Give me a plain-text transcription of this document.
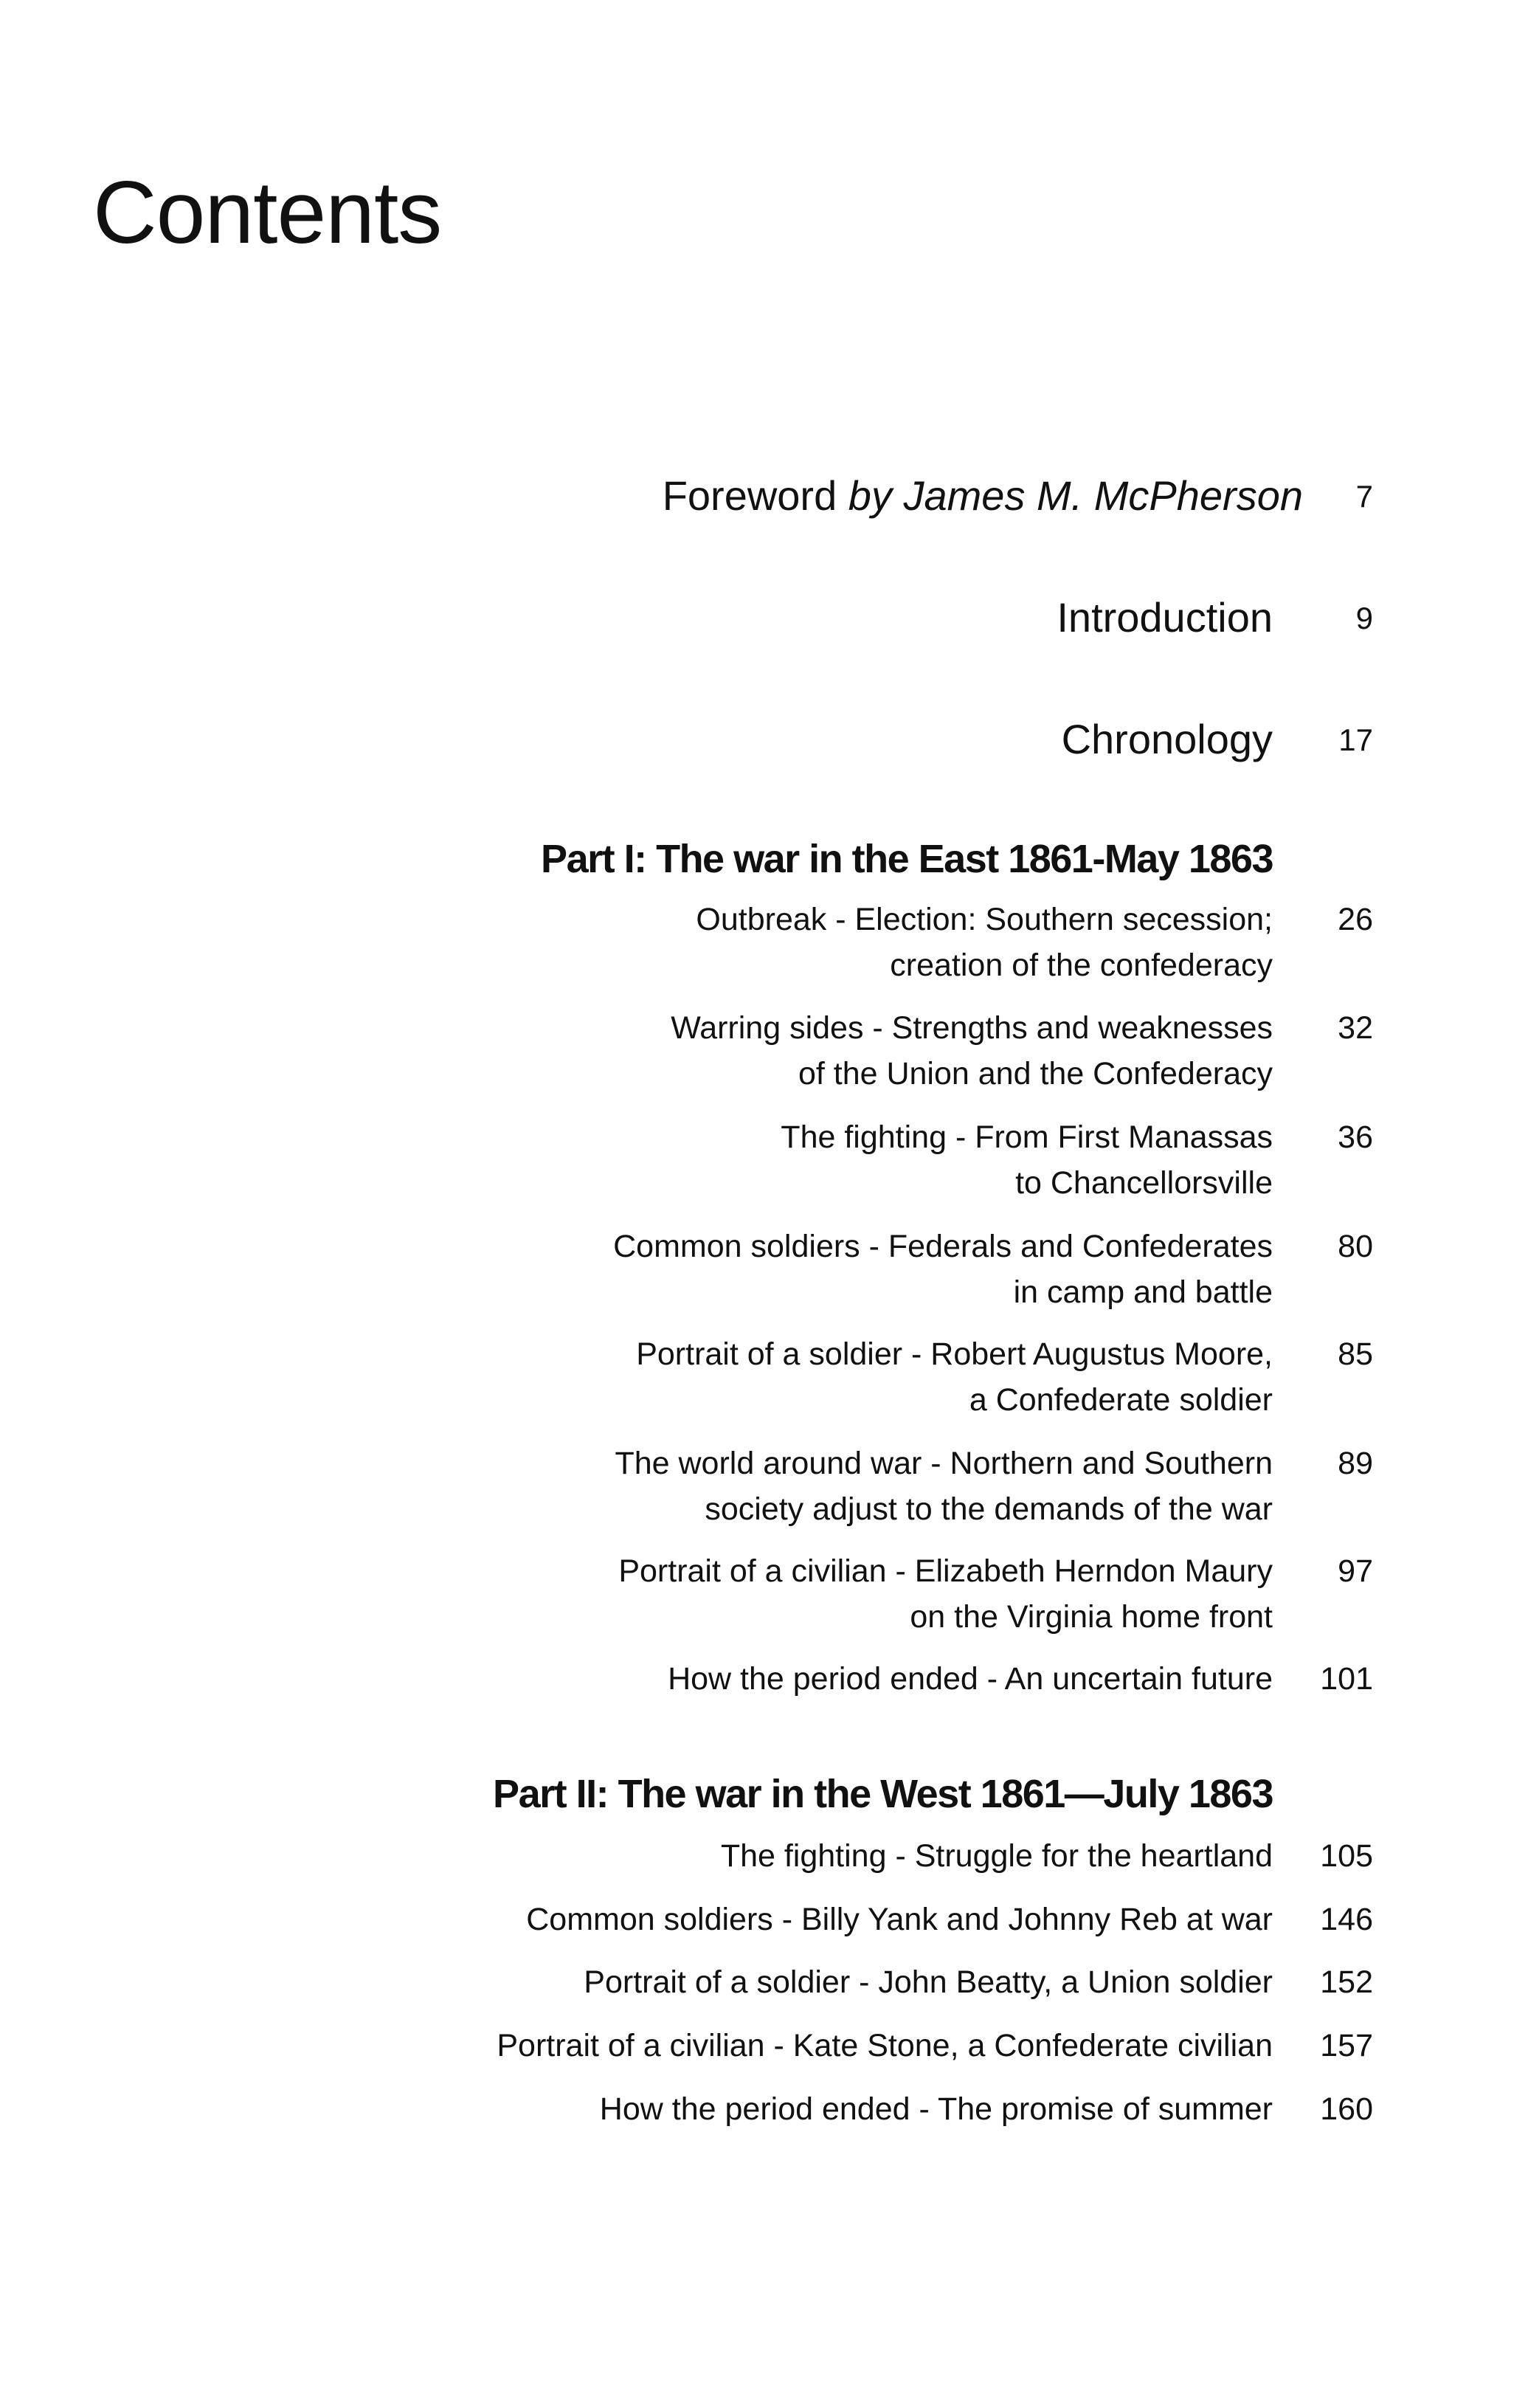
Contents
Foreword by James M. McPherson 7
Introduction	9
Chronology 17
Part I: The war in the East 1861-May 1863
Outbreak - Election: Southern secession;
creation of the confederacy
26
Warring sides - Strengths and weaknesses
of the Union and the Confederacy
32
The fighting - From First Manassas
to Chancellorsville
36
Common soldiers - Federals and Confederates
in camp and battle
80
Portrait of a soldier - Robert Augustus Moore,
a Confederate soldier
85
The world around war - Northern and Southern
society adjust to the demands of the war
89
Portrait of a civilian - Elizabeth Herndon Maury
on the Virginia home front
97
How the period ended - An uncertain future 101
Part II: The war in the West 1861—July 1863
The fighting - Struggle for the heartland 105
Common soldiers - Billy Yank and Johnny Reb at war 146
Portrait of a soldier - John Beatty, a Union soldier 152
Portrait of a civilian - Kate Stone, a Confederate civilian 157
How the period ended - The promise of summer 160
